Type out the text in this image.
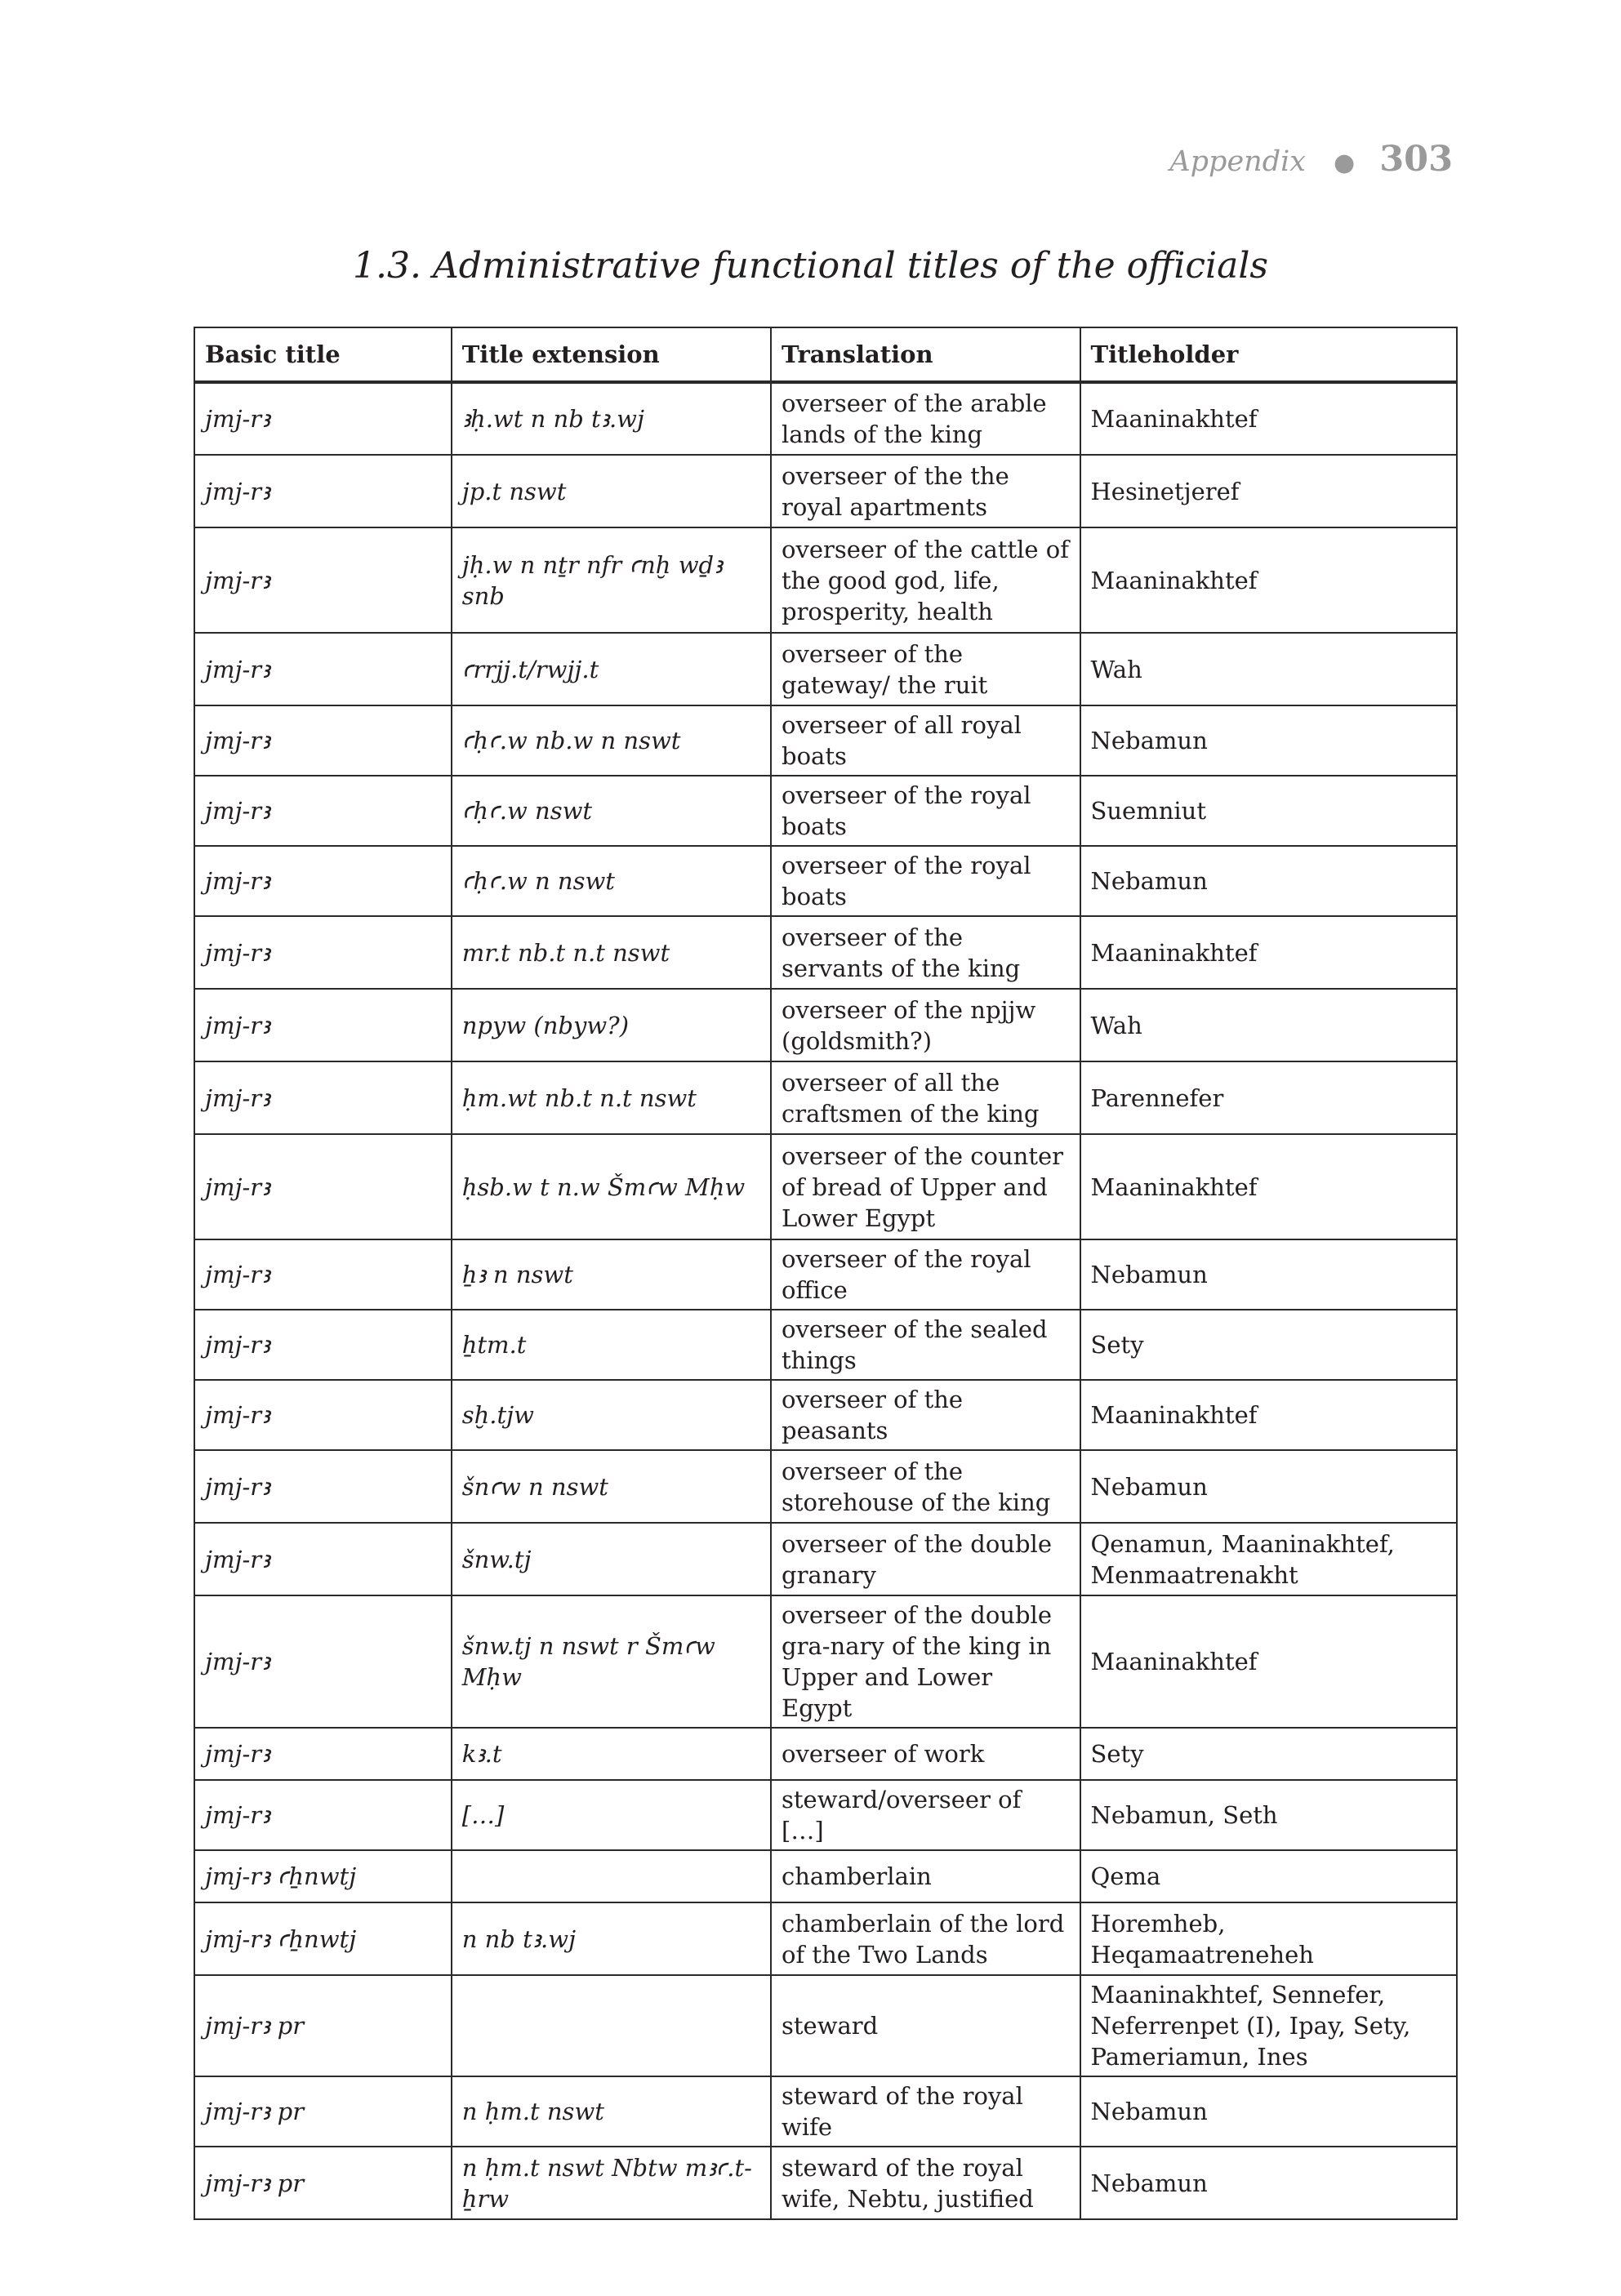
Appendix ● 303
1.3. Administrative functional titles of the officials
Basic title	Title extension	Translation	Titleholder
jmj-rꜣ	ꜣḥ.wt n nb tꜣ.wj	overseer of the arable lands of the king	Maaninakhtef
jmj-rꜣ	jp.t nswt	overseer of the the royal apartments	Hesinetjeref
jmj-rꜣ	jḥ.w n nṯr nfr ꜥnḫ wḏꜣ snb	overseer of the cattle of the good god, life, prosperity, health	Maaninakhtef
jmj-rꜣ	ꜥrrjj.t/rwjj.t	overseer of the gateway/ the ruit	Wah
jmj-rꜣ	ꜥḥꜥ.w nb.w n nswt	overseer of all royal boats	Nebamun
jmj-rꜣ	ꜥḥꜥ.w nswt	overseer of the royal boats	Suemniut
jmj-rꜣ	ꜥḥꜥ.w n nswt	overseer of the royal boats	Nebamun
jmj-rꜣ	mr.t nb.t n.t nswt	overseer of the servants of the king	Maaninakhtef
jmj-rꜣ	npyw (nbyw?)	overseer of the npjjw (goldsmith?)	Wah
jmj-rꜣ	ḥm.wt nb.t n.t nswt	overseer of all the craftsmen of the king	Parennefer
jmj-rꜣ	ḥsb.w t n.w Šmꜥw Mḥw	overseer of the counter of bread of Upper and Lower Egypt	Maaninakhtef
jmj-rꜣ	ẖꜣ n nswt	overseer of the royal office	Nebamun
jmj-rꜣ	ẖtm.t	overseer of the sealed things	Sety
jmj-rꜣ	sḫ.tjw	overseer of the peasants	Maaninakhtef
jmj-rꜣ	šnꜥw n nswt	overseer of the storehouse of the king	Nebamun
jmj-rꜣ	šnw.tj	overseer of the double granary	Qenamun, Maaninakhtef, Menmaatrenakht
jmj-rꜣ	šnw.tj n nswt r Šmꜥw Mḥw	overseer of the double gra-nary of the king in Upper and Lower Egypt	Maaninakhtef
jmj-rꜣ	kꜣ.t	overseer of work	Sety
jmj-rꜣ	[…]	steward/overseer of […]	Nebamun, Seth
jmj-rꜣ ꜥẖnwtj		chamberlain	Qema
jmj-rꜣ ꜥẖnwtj	n nb tꜣ.wj	chamberlain of the lord of the Two Lands	Horemheb, Heqamaatreneheh
jmj-rꜣ pr		steward	Maaninakhtef, Sennefer, Neferrenpet (I), Ipay, Sety, Pameriamun, Ines
jmj-rꜣ pr	n ḥm.t nswt	steward of the royal wife	Nebamun
jmj-rꜣ pr	n ḥm.t nswt Nbtw mꜣꜥ.t-ẖrw	steward of the royal wife, Nebtu, justified	Nebamun
